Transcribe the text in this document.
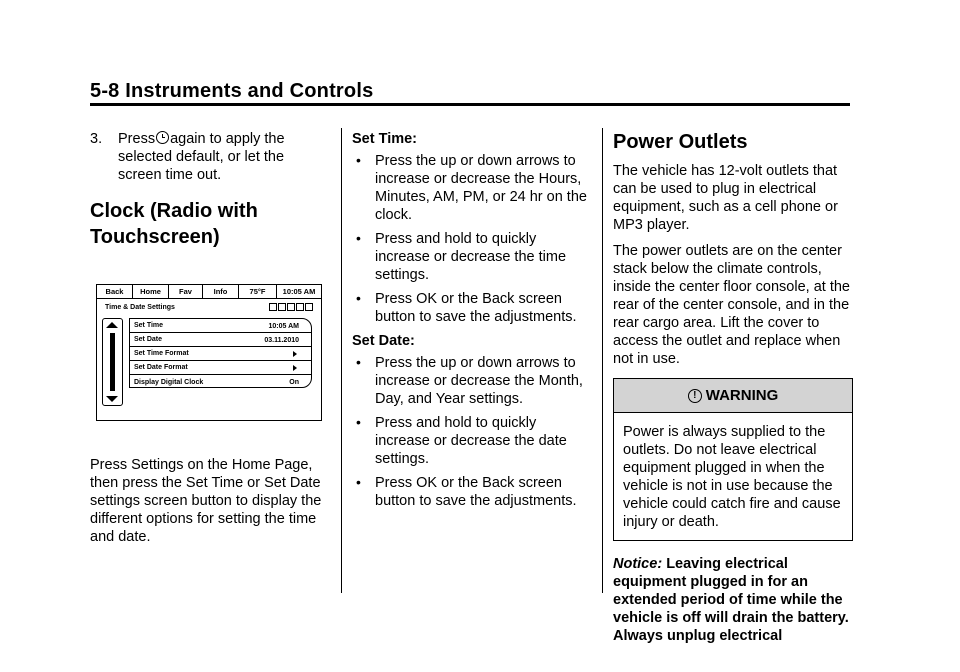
5-8 Instruments and Controls
3. Press again to apply the selected default, or let the screen time out.
Clock (Radio with Touchscreen)
Back	Home	Fav	Info	75°F	10:05 AM
Time & Date Settings
Set Time	10:05 AM
Set Date	03.11.2010
Set Time Format
Set Date Format
Display Digital Clock	On
Press Settings on the Home Page, then press the Set Time or Set Date settings screen button to display the different options for setting the time and date.
Set Time:
• Press the up or down arrows to increase or decrease the Hours, Minutes, AM, PM, or 24 hr on the clock.
• Press and hold to quickly increase or decrease the time settings.
• Press OK or the Back screen button to save the adjustments.
Set Date:
• Press the up or down arrows to increase or decrease the Month, Day, and Year settings.
• Press and hold to quickly increase or decrease the date settings.
• Press OK or the Back screen button to save the adjustments.
Power Outlets
The vehicle has 12-volt outlets that can be used to plug in electrical equipment, such as a cell phone or MP3 player.
The power outlets are on the center stack below the climate controls, inside the center floor console, at the rear of the center console, and in the rear cargo area. Lift the cover to access the outlet and replace when not in use.
! WARNING
Power is always supplied to the outlets. Do not leave electrical equipment plugged in when the vehicle is not in use because the vehicle could catch fire and cause injury or death.
Notice: Leaving electrical equipment plugged in for an extended period of time while the vehicle is off will drain the battery. Always unplug electrical
